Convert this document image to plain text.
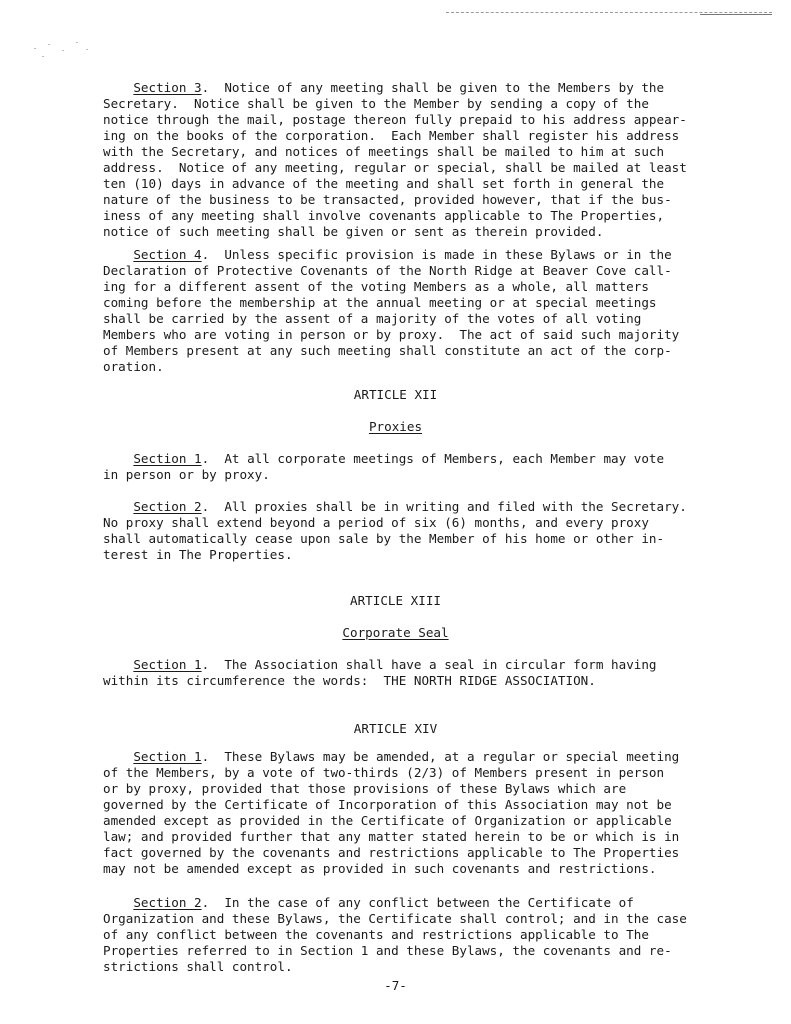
Section 3.  Notice of any meeting shall be given to the Members by the
Secretary.  Notice shall be given to the Member by sending a copy of the
notice through the mail, postage thereon fully prepaid to his address appear-
ing on the books of the corporation.  Each Member shall register his address
with the Secretary, and notices of meetings shall be mailed to him at such
address.  Notice of any meeting, regular or special, shall be mailed at least
ten (10) days in advance of the meeting and shall set forth in general the
nature of the business to be transacted, provided however, that if the bus-
iness of any meeting shall involve covenants applicable to The Properties,
notice of such meeting shall be given or sent as therein provided.
Section 4.  Unless specific provision is made in these Bylaws or in the
Declaration of Protective Covenants of the North Ridge at Beaver Cove call-
ing for a different assent of the voting Members as a whole, all matters
coming before the membership at the annual meeting or at special meetings
shall be carried by the assent of a majority of the votes of all voting
Members who are voting in person or by proxy.  The act of said such majority
of Members present at any such meeting shall constitute an act of the corp-
oration.

ARTICLE XII

Proxies

Section 1.  At all corporate meetings of Members, each Member may vote
in person or by proxy.
Section 2.  All proxies shall be in writing and filed with the Secretary.
No proxy shall extend beyond a period of six (6) months, and every proxy
shall automatically cease upon sale by the Member of his home or other in-
terest in The Properties.

ARTICLE XIII

Corporate Seal

Section 1.  The Association shall have a seal in circular form having
within its circumference the words:  THE NORTH RIDGE ASSOCIATION.

ARTICLE XIV

Section 1.  These Bylaws may be amended, at a regular or special meeting
of the Members, by a vote of two-thirds (2/3) of Members present in person
or by proxy, provided that those provisions of these Bylaws which are
governed by the Certificate of Incorporation of this Association may not be
amended except as provided in the Certificate of Organization or applicable
law; and provided further that any matter stated herein to be or which is in
fact governed by the covenants and restrictions applicable to The Properties
may not be amended except as provided in such covenants and restrictions.
Section 2.  In the case of any conflict between the Certificate of
Organization and these Bylaws, the Certificate shall control; and in the case
of any conflict between the covenants and restrictions applicable to The
Properties referred to in Section 1 and these Bylaws, the covenants and re-
strictions shall control.

-7-
